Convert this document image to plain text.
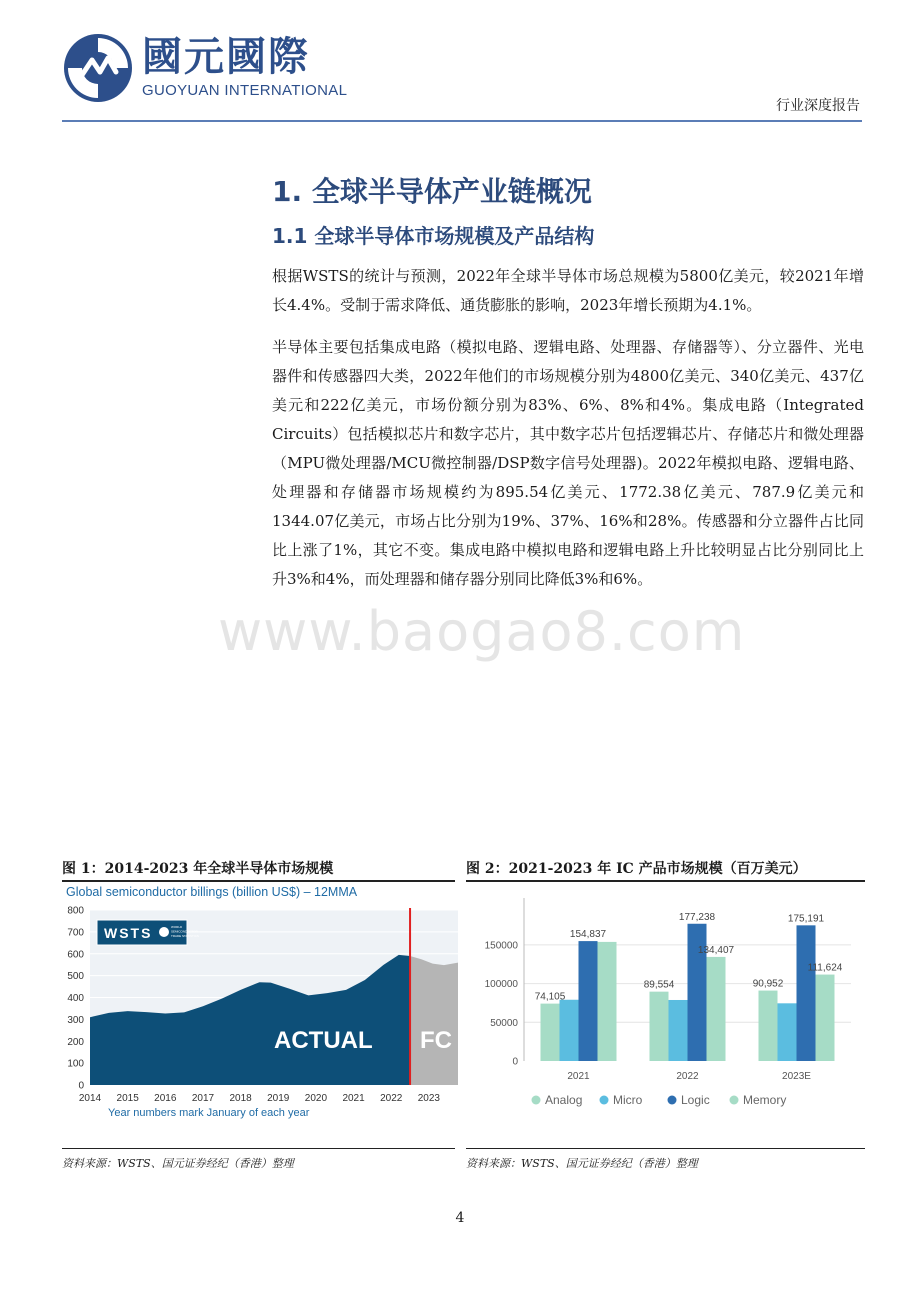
國元國際
GUOYUAN INTERNATIONAL
行业深度报告
1. 全球半导体产业链概况
1.1 全球半导体市场规模及产品结构

根据WSTS的统计与预测，2022年全球半导体市场总规模为5800亿美元，较2021年增长4.4%。受制于需求降低、通货膨胀的影响，2023年增长预期为4.1%。

半导体主要包括集成电路（模拟电路、逻辑电路、处理器、存储器等）、分立器件、光电器件和传感器四大类，2022年他们的市场规模分别为4800亿美元、340亿美元、437亿美元和222亿美元，市场份额分别为83%、6%、8%和4%。集成电路（Integrated Circuits）包括模拟芯片和数字芯片，其中数字芯片包括逻辑芯片、存储芯片和微处理器（MPU微处理器/MCU微控制器/DSP数字信号处理器)。2022年模拟电路、逻辑电路、处理器和存储器市场规模约为895.54亿美元、1772.38亿美元、787.9亿美元和1344.07亿美元，市场占比分别为19%、37%、16%和28%。传感器和分立器件占比同比上涨了1%，其它不变。集成电路中模拟电路和逻辑电路上升比较明显占比分别同比上升3%和4%，而处理器和储存器分别同比降低3%和6%。

www.baogao8.com
图 1：2014-2023 年全球半导体市场规模	图 2：2021-2023 年 IC 产品市场规模（百万美元）
Global semiconductor billings (billion US$) – 12MMA
0
100
200
300
400
500
600
700
800
2014 2015 2016 2017 2018 2019 2020 2021 2022 2023
WSTS	WORLD
SEMICONDUCTOR
TRADE STATISTICS
ACTUAL FC
Year numbers mark January of each year
74,105
154,837
89,554
177,238
134,407
90,952
175,191
111,624
0
50000
100000
150000
2021	2022	2023E
Analog	Micro	Logic	Memory
资料来源：WSTS、国元证券经纪（香港）整理	资料来源：WSTS、国元证券经纪（香港）整理
4
